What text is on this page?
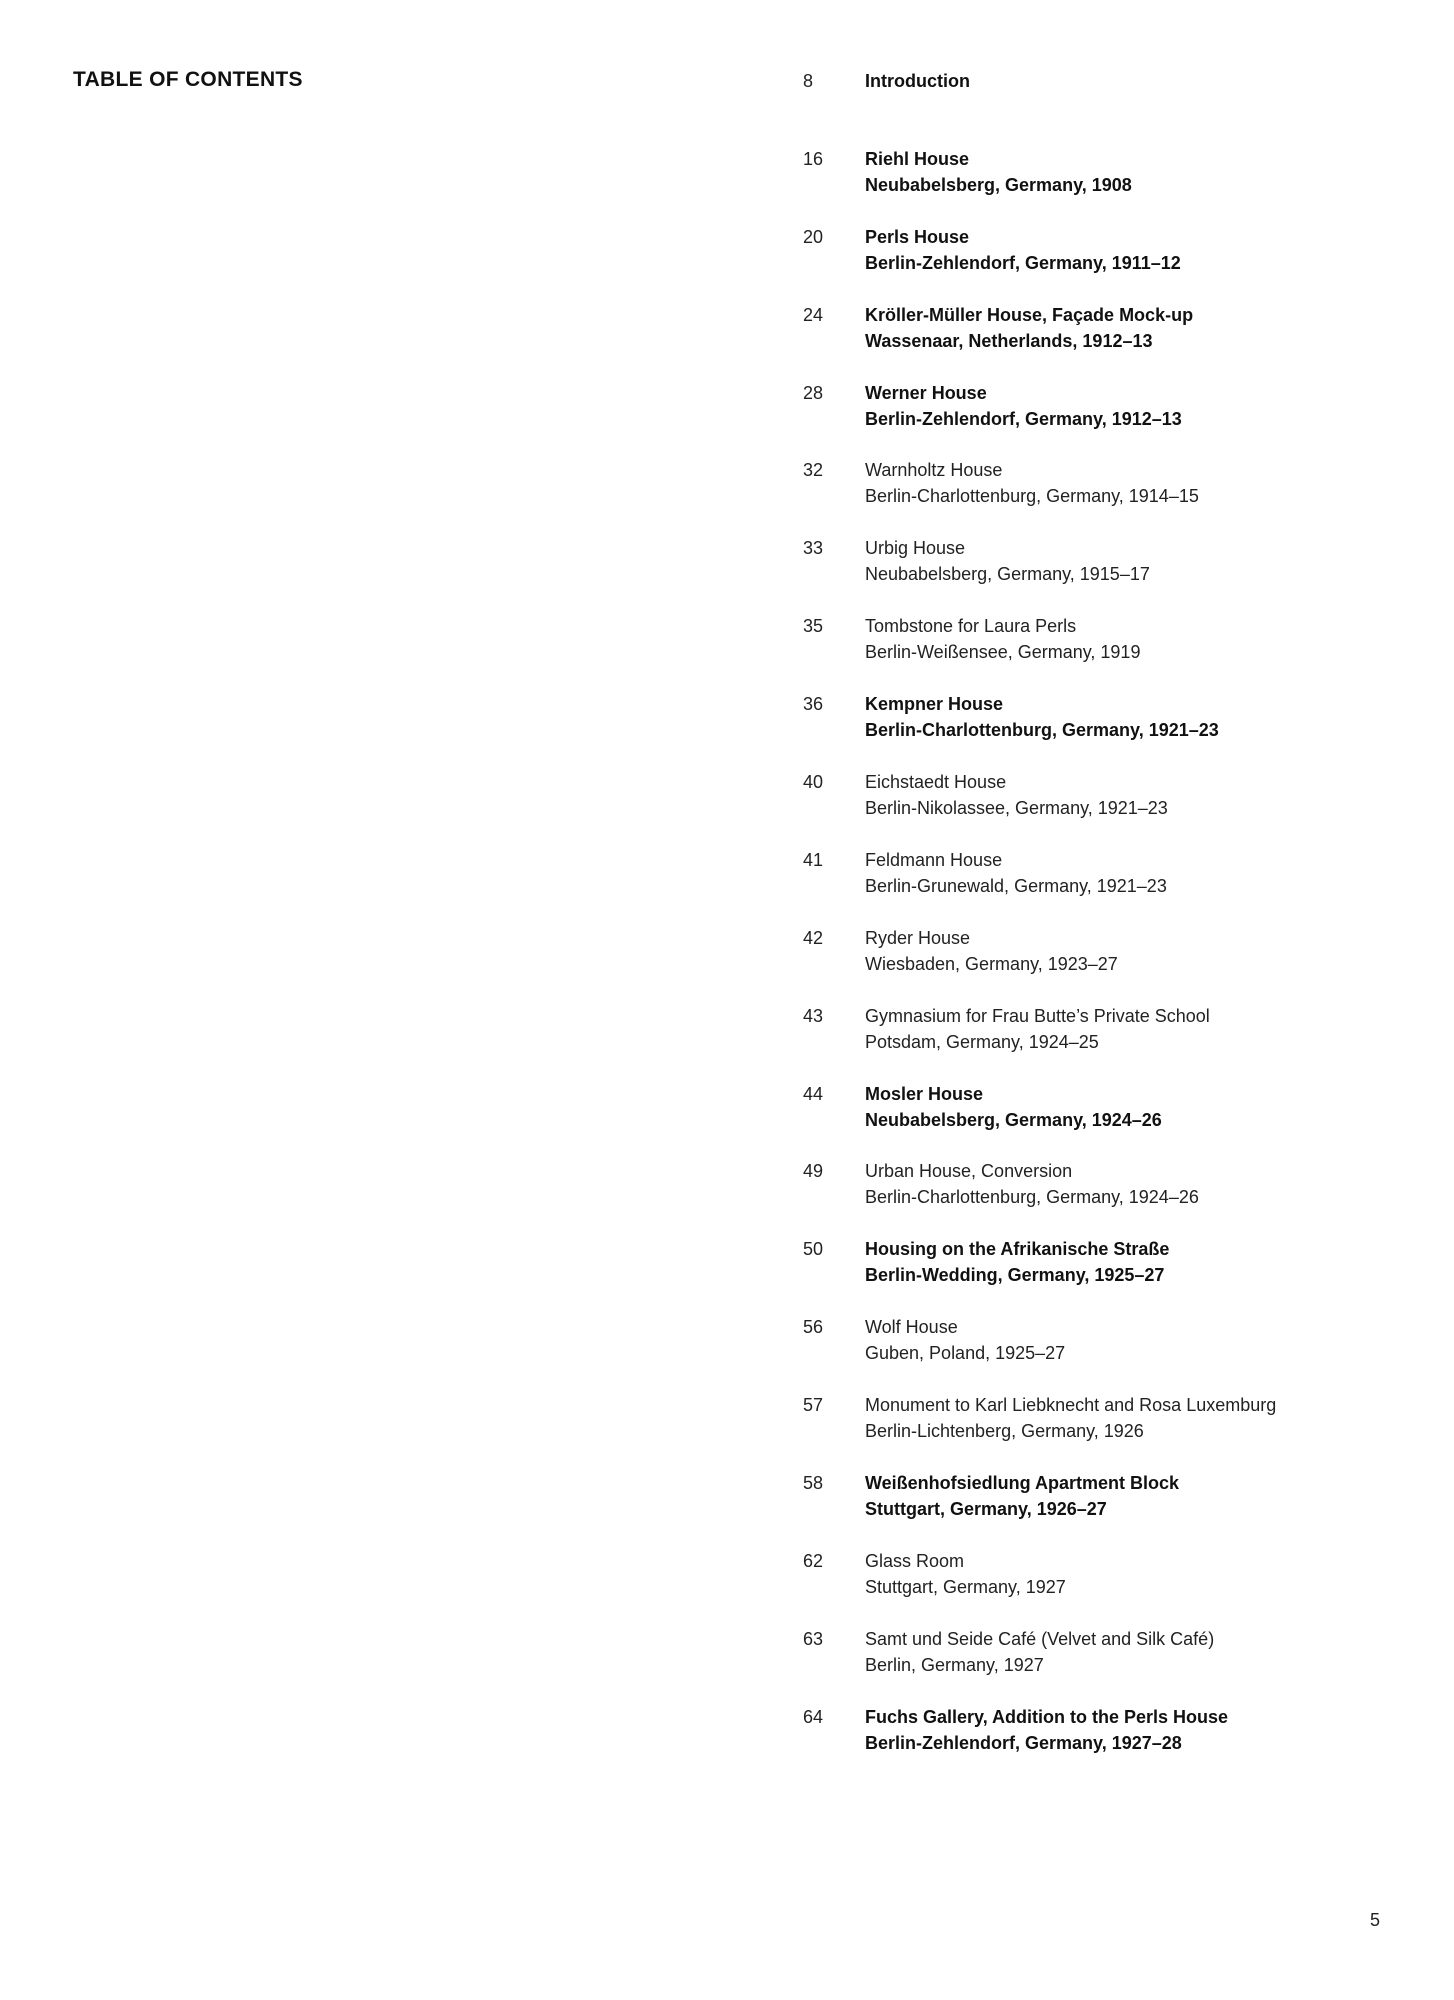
TABLE OF CONTENTS	8	Introduction
16	Riehl House
Neubabelsberg, Germany, 1908
20	Perls House
Berlin-Zehlendorf, Germany, 1911–12
24	Kröller-Müller House, Façade Mock-up
Wassenaar, Netherlands, 1912–13
28	Werner House
Berlin-Zehlendorf, Germany, 1912–13
32	Warnholtz House
Berlin-Charlottenburg, Germany, 1914–15
33	Urbig House
Neubabelsberg, Germany, 1915–17
35	Tombstone for Laura Perls
Berlin-Weißensee, Germany, 1919
36	Kempner House
Berlin-Charlottenburg, Germany, 1921–23
40	Eichstaedt House
Berlin-Nikolassee, Germany, 1921–23
41	Feldmann House
Berlin-Grunewald, Germany, 1921–23
42	Ryder House
Wiesbaden, Germany, 1923–27
43	Gymnasium for Frau Butte’s Private School
Potsdam, Germany, 1924–25
44	Mosler House
Neubabelsberg, Germany, 1924–26
49	Urban House, Conversion
Berlin-Charlottenburg, Germany, 1924–26
50	Housing on the Afrikanische Straße
Berlin-Wedding, Germany, 1925–27
56	Wolf House
Guben, Poland, 1925–27
57	Monument to Karl Liebknecht and Rosa Luxemburg
Berlin-Lichtenberg, Germany, 1926
58	Weißenhofsiedlung Apartment Block
Stuttgart, Germany, 1926–27
62	Glass Room
Stuttgart, Germany, 1927
63	Samt und Seide Café (Velvet and Silk Café)
Berlin, Germany, 1927
64	Fuchs Gallery, Addition to the Perls House
Berlin-Zehlendorf, Germany, 1927–28
5
